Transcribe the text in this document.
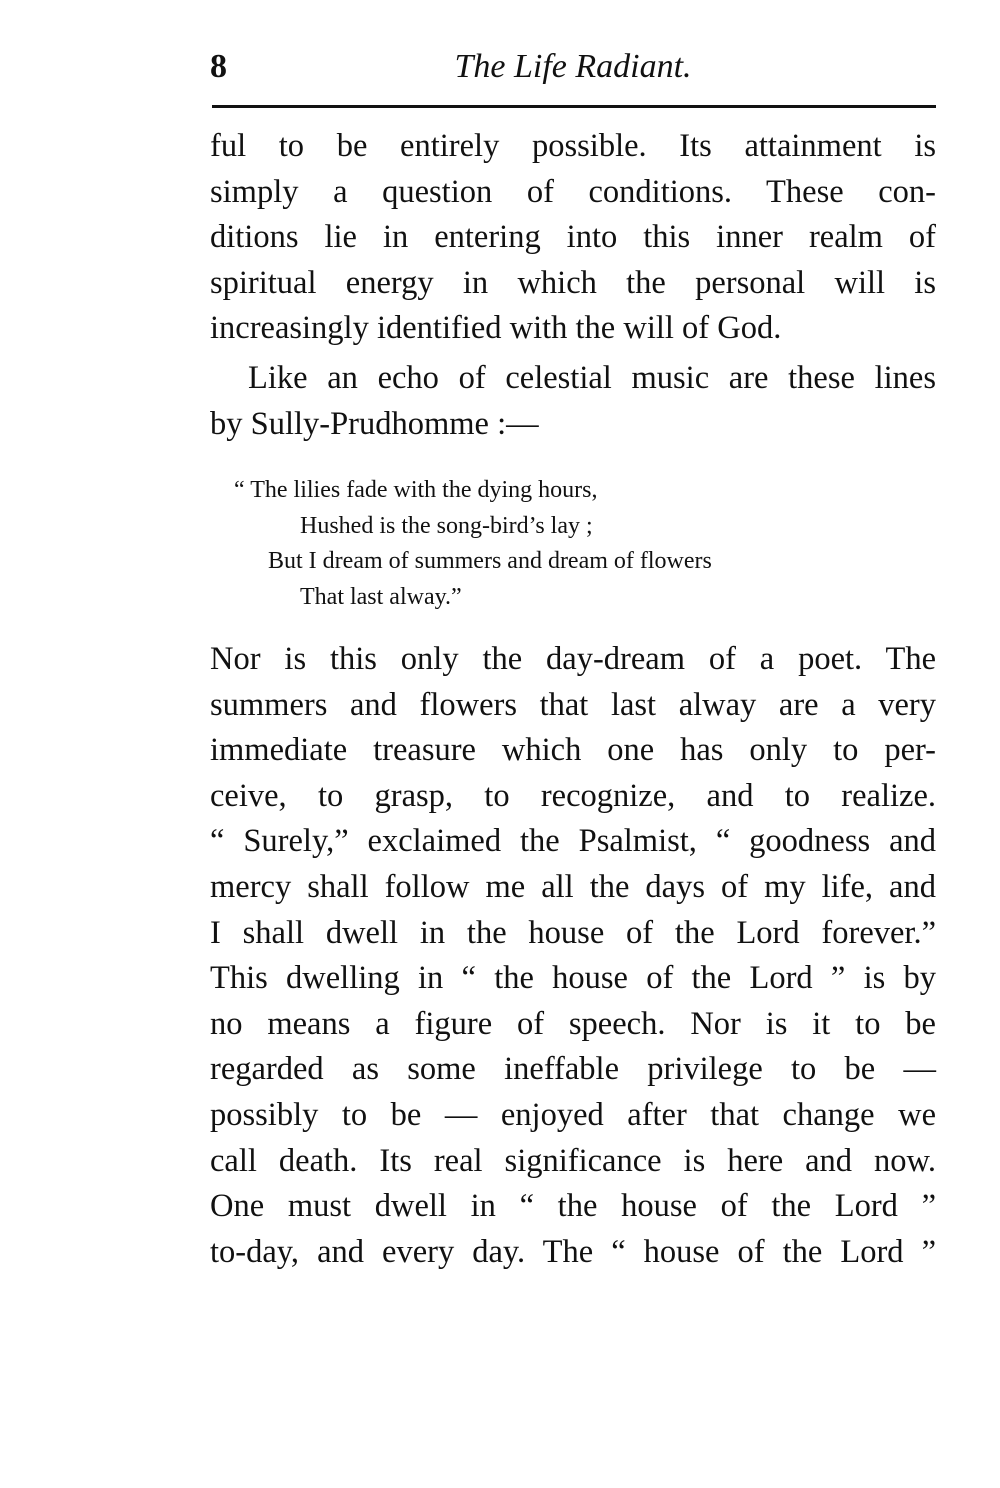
The Life Radiant.
8

ful to be entirely possible. Its attainment is
simply a question of conditions. These con-
ditions lie in entering into this inner realm of
spiritual energy in which the personal will is
increasingly identified with the will of God.

Like an echo of celestial music are these lines
by Sully-Prudhomme :—

“ The lilies fade with the dying hours,
Hushed is the song-bird’s lay ;
But I dream of summers and dream of flowers
That last alway.”

Nor is this only the day-dream of a poet. The
summers and flowers that last alway are a very
immediate treasure which one has only to per-
ceive, to grasp, to recognize, and to realize.
“ Surely,” exclaimed the Psalmist, “ goodness and
mercy shall follow me all the days of my life, and
I shall dwell in the house of the Lord forever.”
This dwelling in “ the house of the Lord ” is by
no means a figure of speech. Nor is it to be
regarded as some ineffable privilege to be —
possibly to be — enjoyed after that change we
call death. Its real significance is here and now.
One must dwell in “ the house of the Lord ”
to-day, and every day. The “ house of the Lord ”
